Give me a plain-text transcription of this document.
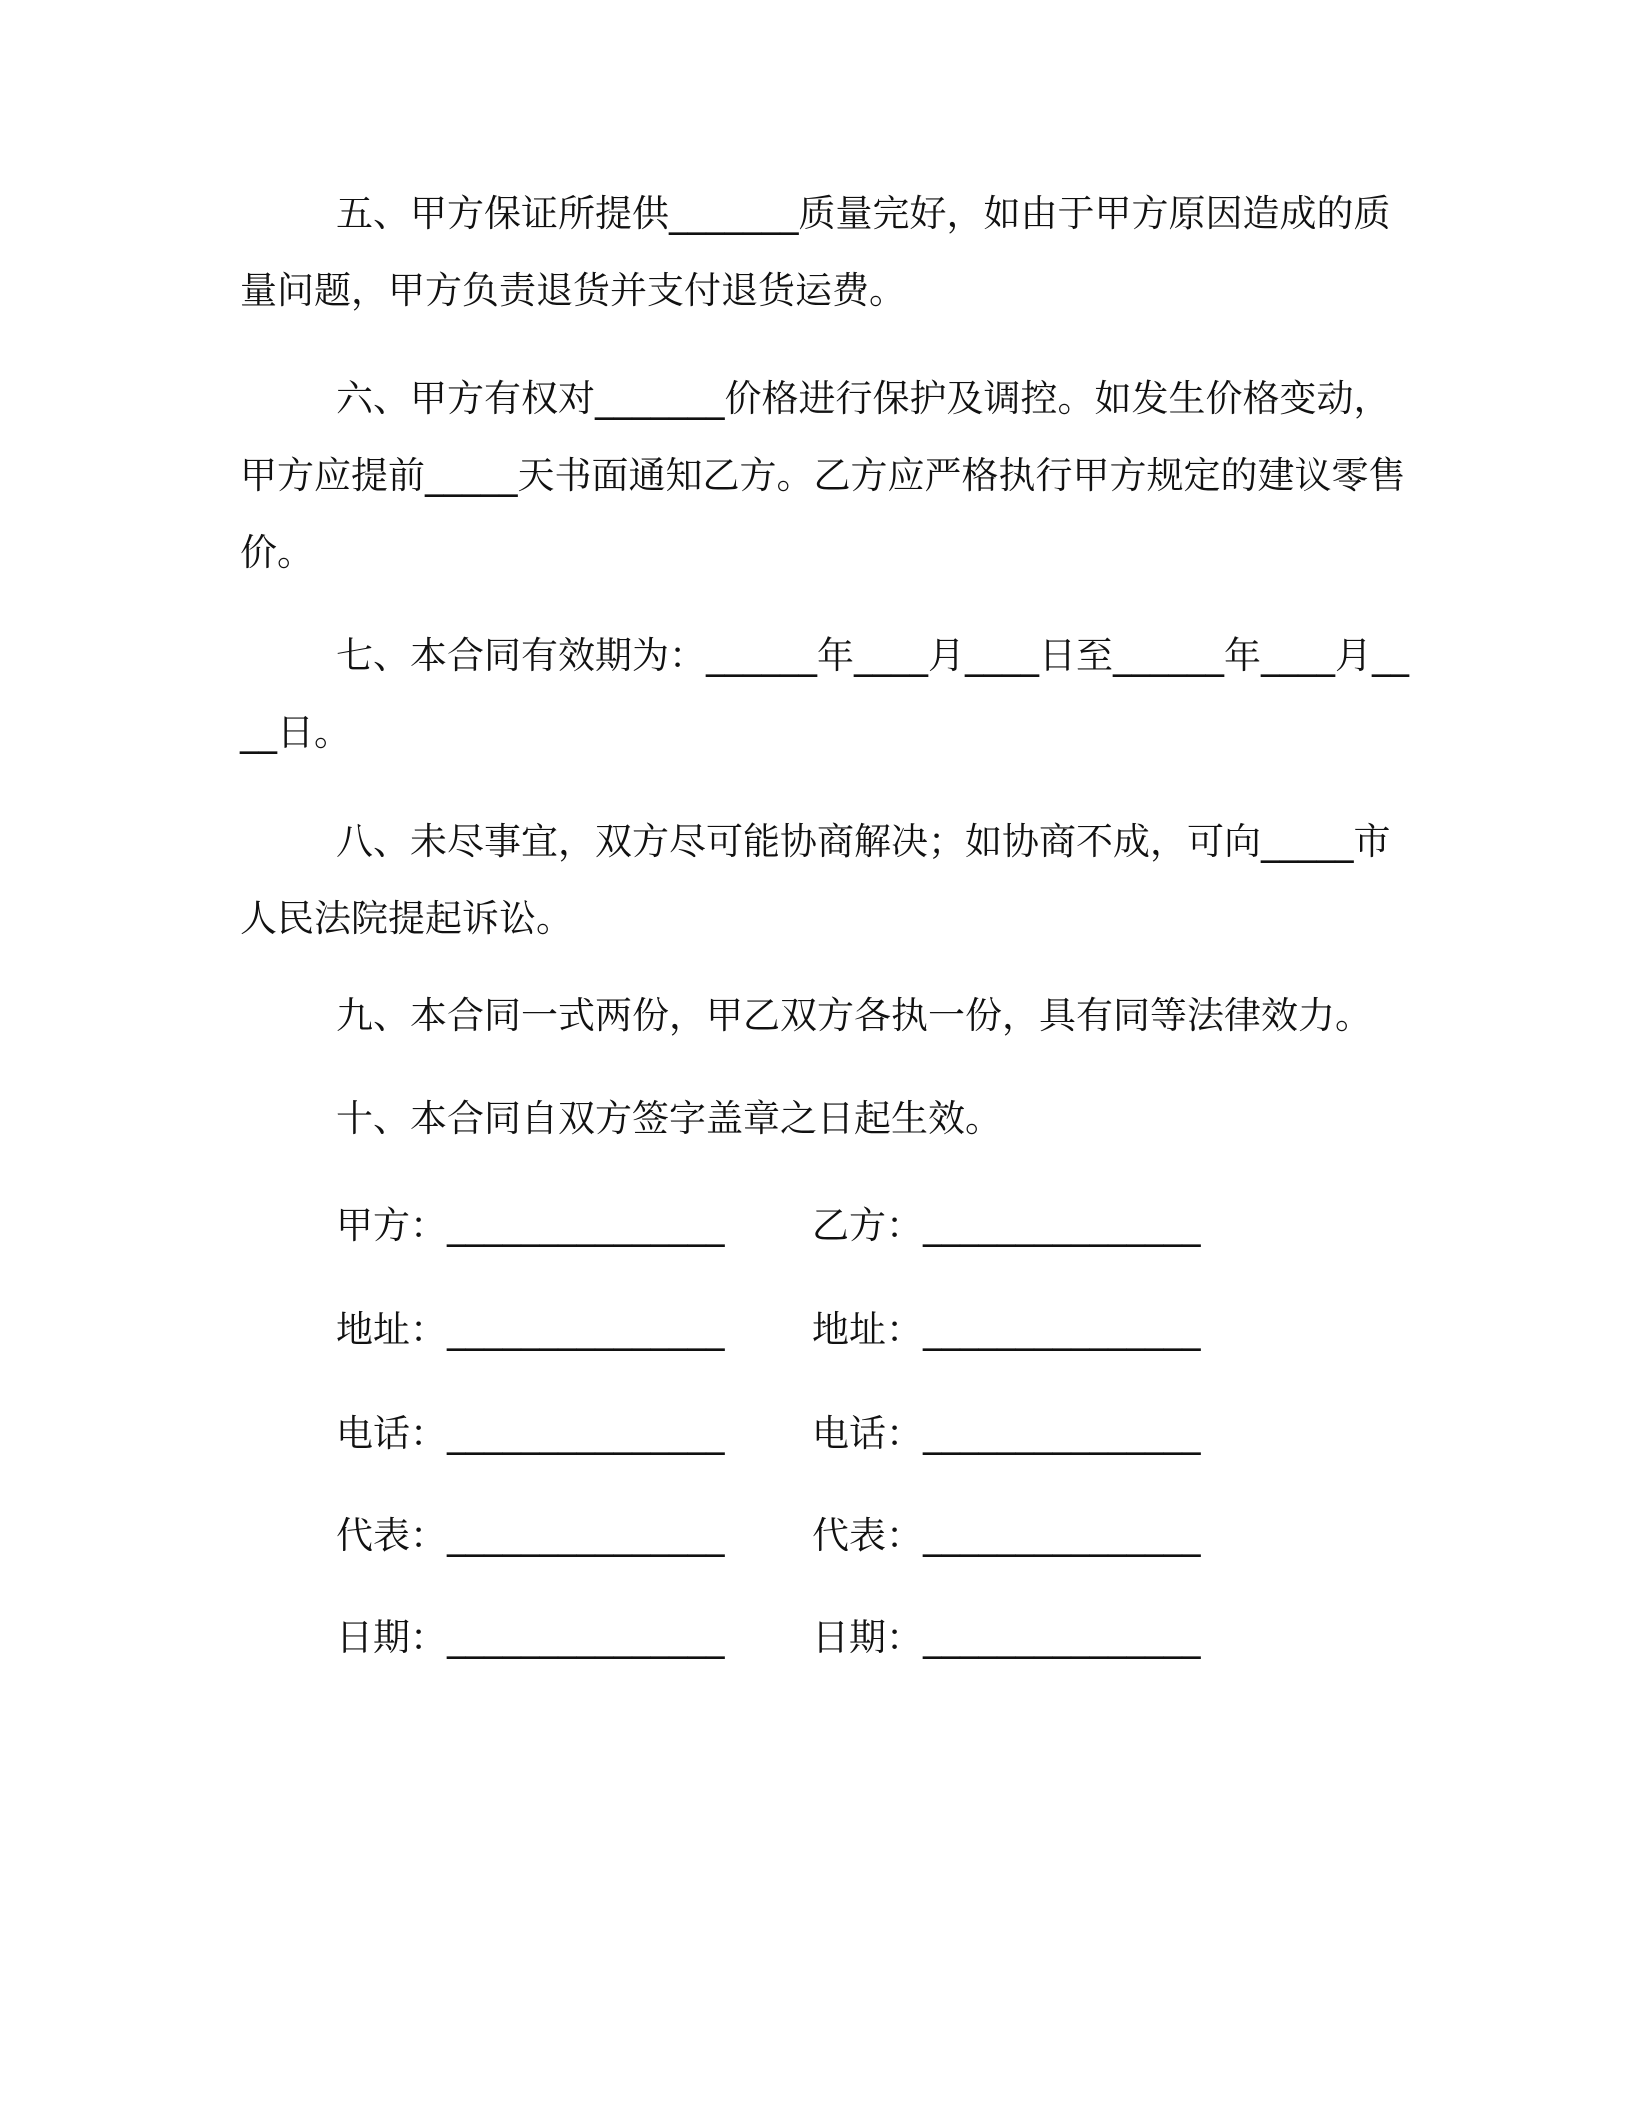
五、甲方保证所提供_______质量完好，如由于甲方原因造成的质量问题，甲方负责退货并支付退货运费。

六、甲方有权对_______价格进行保护及调控。如发生价格变动，甲方应提前_____天书面通知乙方。乙方应严格执行甲方规定的建议零售价。

七、本合同有效期为：______年____月____日至______年____月____日。

八、未尽事宜，双方尽可能协商解决；如协商不成，可向_____市人民法院提起诉讼。

九、本合同一式两份，甲乙双方各执一份，具有同等法律效力。

十、本合同自双方签字盖章之日起生效。

甲方：_______________ 乙方：_______________
地址：_______________ 地址：_______________
电话：_______________ 电话：_______________
代表：_______________ 代表：_______________
日期：_______________ 日期：_______________
